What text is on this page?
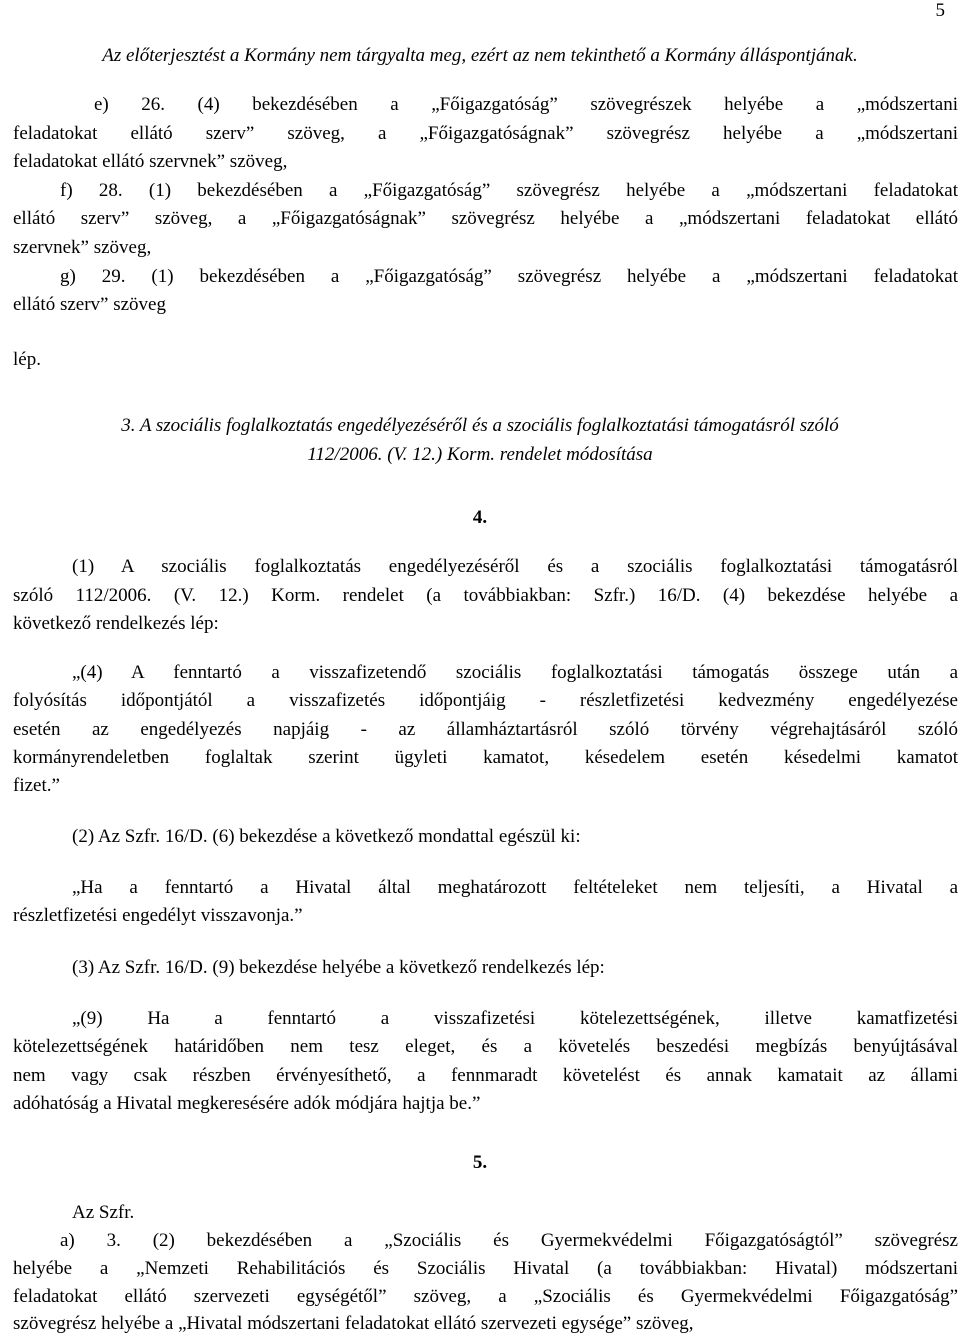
5
Az előterjesztést a Kormány nem tárgyalta meg, ezért az nem tekinthető a Kormány álláspontjának.
e) 26. (4) bekezdésében a „Főigazgatóság” szövegrészek helyébe a „módszertani
feladatokat ellátó szerv” szöveg, a „Főigazgatóságnak” szövegrész helyébe a „módszertani
feladatokat ellátó szervnek” szöveg,
f) 28. (1) bekezdésében a „Főigazgatóság” szövegrész helyébe a „módszertani feladatokat
ellátó szerv” szöveg, a „Főigazgatóságnak” szövegrész helyébe a „módszertani feladatokat ellátó
szervnek” szöveg,
g) 29. (1) bekezdésében a „Főigazgatóság” szövegrész helyébe a „módszertani feladatokat
ellátó szerv” szöveg
lép.
3. A szociális foglalkoztatás engedélyezéséről és a szociális foglalkoztatási támogatásról szóló
112/2006. (V. 12.) Korm. rendelet módosítása
4.
(1) A szociális foglalkoztatás engedélyezéséről és a szociális foglalkoztatási támogatásról
szóló 112/2006. (V. 12.) Korm. rendelet (a továbbiakban: Szfr.) 16/D. (4) bekezdése helyébe a
következő rendelkezés lép:
„(4) A fenntartó a visszafizetendő szociális foglalkoztatási támogatás összege után a
folyósítás időpontjától a visszafizetés időpontjáig - részletfizetési kedvezmény engedélyezése
esetén az engedélyezés napjáig - az államháztartásról szóló törvény végrehajtásáról szóló
kormányrendeletben foglaltak szerint ügyleti kamatot, késedelem esetén késedelmi kamatot
fizet.”
(2) Az Szfr. 16/D. (6) bekezdése a következő mondattal egészül ki:
„Ha a fenntartó a Hivatal által meghatározott feltételeket nem teljesíti, a Hivatal a
részletfizetési engedélyt visszavonja.”
(3) Az Szfr. 16/D. (9) bekezdése helyébe a következő rendelkezés lép:
„(9) Ha a fenntartó a visszafizetési kötelezettségének, illetve kamatfizetési
kötelezettségének határidőben nem tesz eleget, és a követelés beszedési megbízás benyújtásával
nem vagy csak részben érvényesíthető, a fennmaradt követelést és annak kamatait az állami
adóhatóság a Hivatal megkeresésére adók módjára hajtja be.”
5.
Az Szfr.
a) 3. (2) bekezdésében a „Szociális és Gyermekvédelmi Főigazgatóságtól” szövegrész
helyébe a „Nemzeti Rehabilitációs és Szociális Hivatal (a továbbiakban: Hivatal) módszertani
feladatokat ellátó szervezeti egységétől” szöveg, a „Szociális és Gyermekvédelmi Főigazgatóság”
szövegrész helyébe a „Hivatal módszertani feladatokat ellátó szervezeti egysége” szöveg,
